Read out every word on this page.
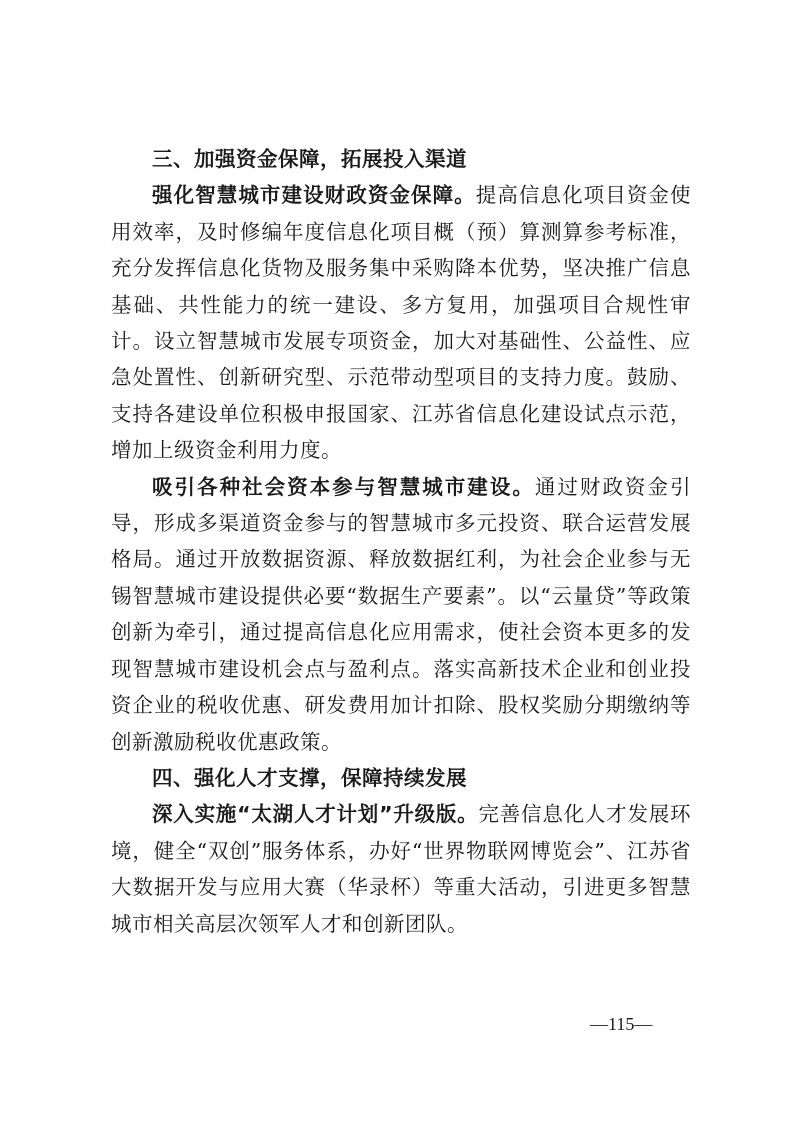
三、加强资金保障，拓展投入渠道

强化智慧城市建设财政资金保障。提高信息化项目资金使用效率，及时修编年度信息化项目概（预）算测算参考标准，充分发挥信息化货物及服务集中采购降本优势，坚决推广信息基础、共性能力的统一建设、多方复用，加强项目合规性审计。设立智慧城市发展专项资金，加大对基础性、公益性、应急处置性、创新研究型、示范带动型项目的支持力度。鼓励、支持各建设单位积极申报国家、江苏省信息化建设试点示范，增加上级资金利用力度。

吸引各种社会资本参与智慧城市建设。通过财政资金引导，形成多渠道资金参与的智慧城市多元投资、联合运营发展格局。通过开放数据资源、释放数据红利，为社会企业参与无锡智慧城市建设提供必要“数据生产要素”。以“云量贷”等政策创新为牵引，通过提高信息化应用需求，使社会资本更多的发现智慧城市建设机会点与盈利点。落实高新技术企业和创业投资企业的税收优惠、研发费用加计扣除、股权奖励分期缴纳等创新激励税收优惠政策。

四、强化人才支撑，保障持续发展

深入实施“太湖人才计划”升级版。完善信息化人才发展环境，健全“双创”服务体系，办好“世界物联网博览会”、江苏省大数据开发与应用大赛（华录杯）等重大活动，引进更多智慧城市相关高层次领军人才和创新团队。

—115—
